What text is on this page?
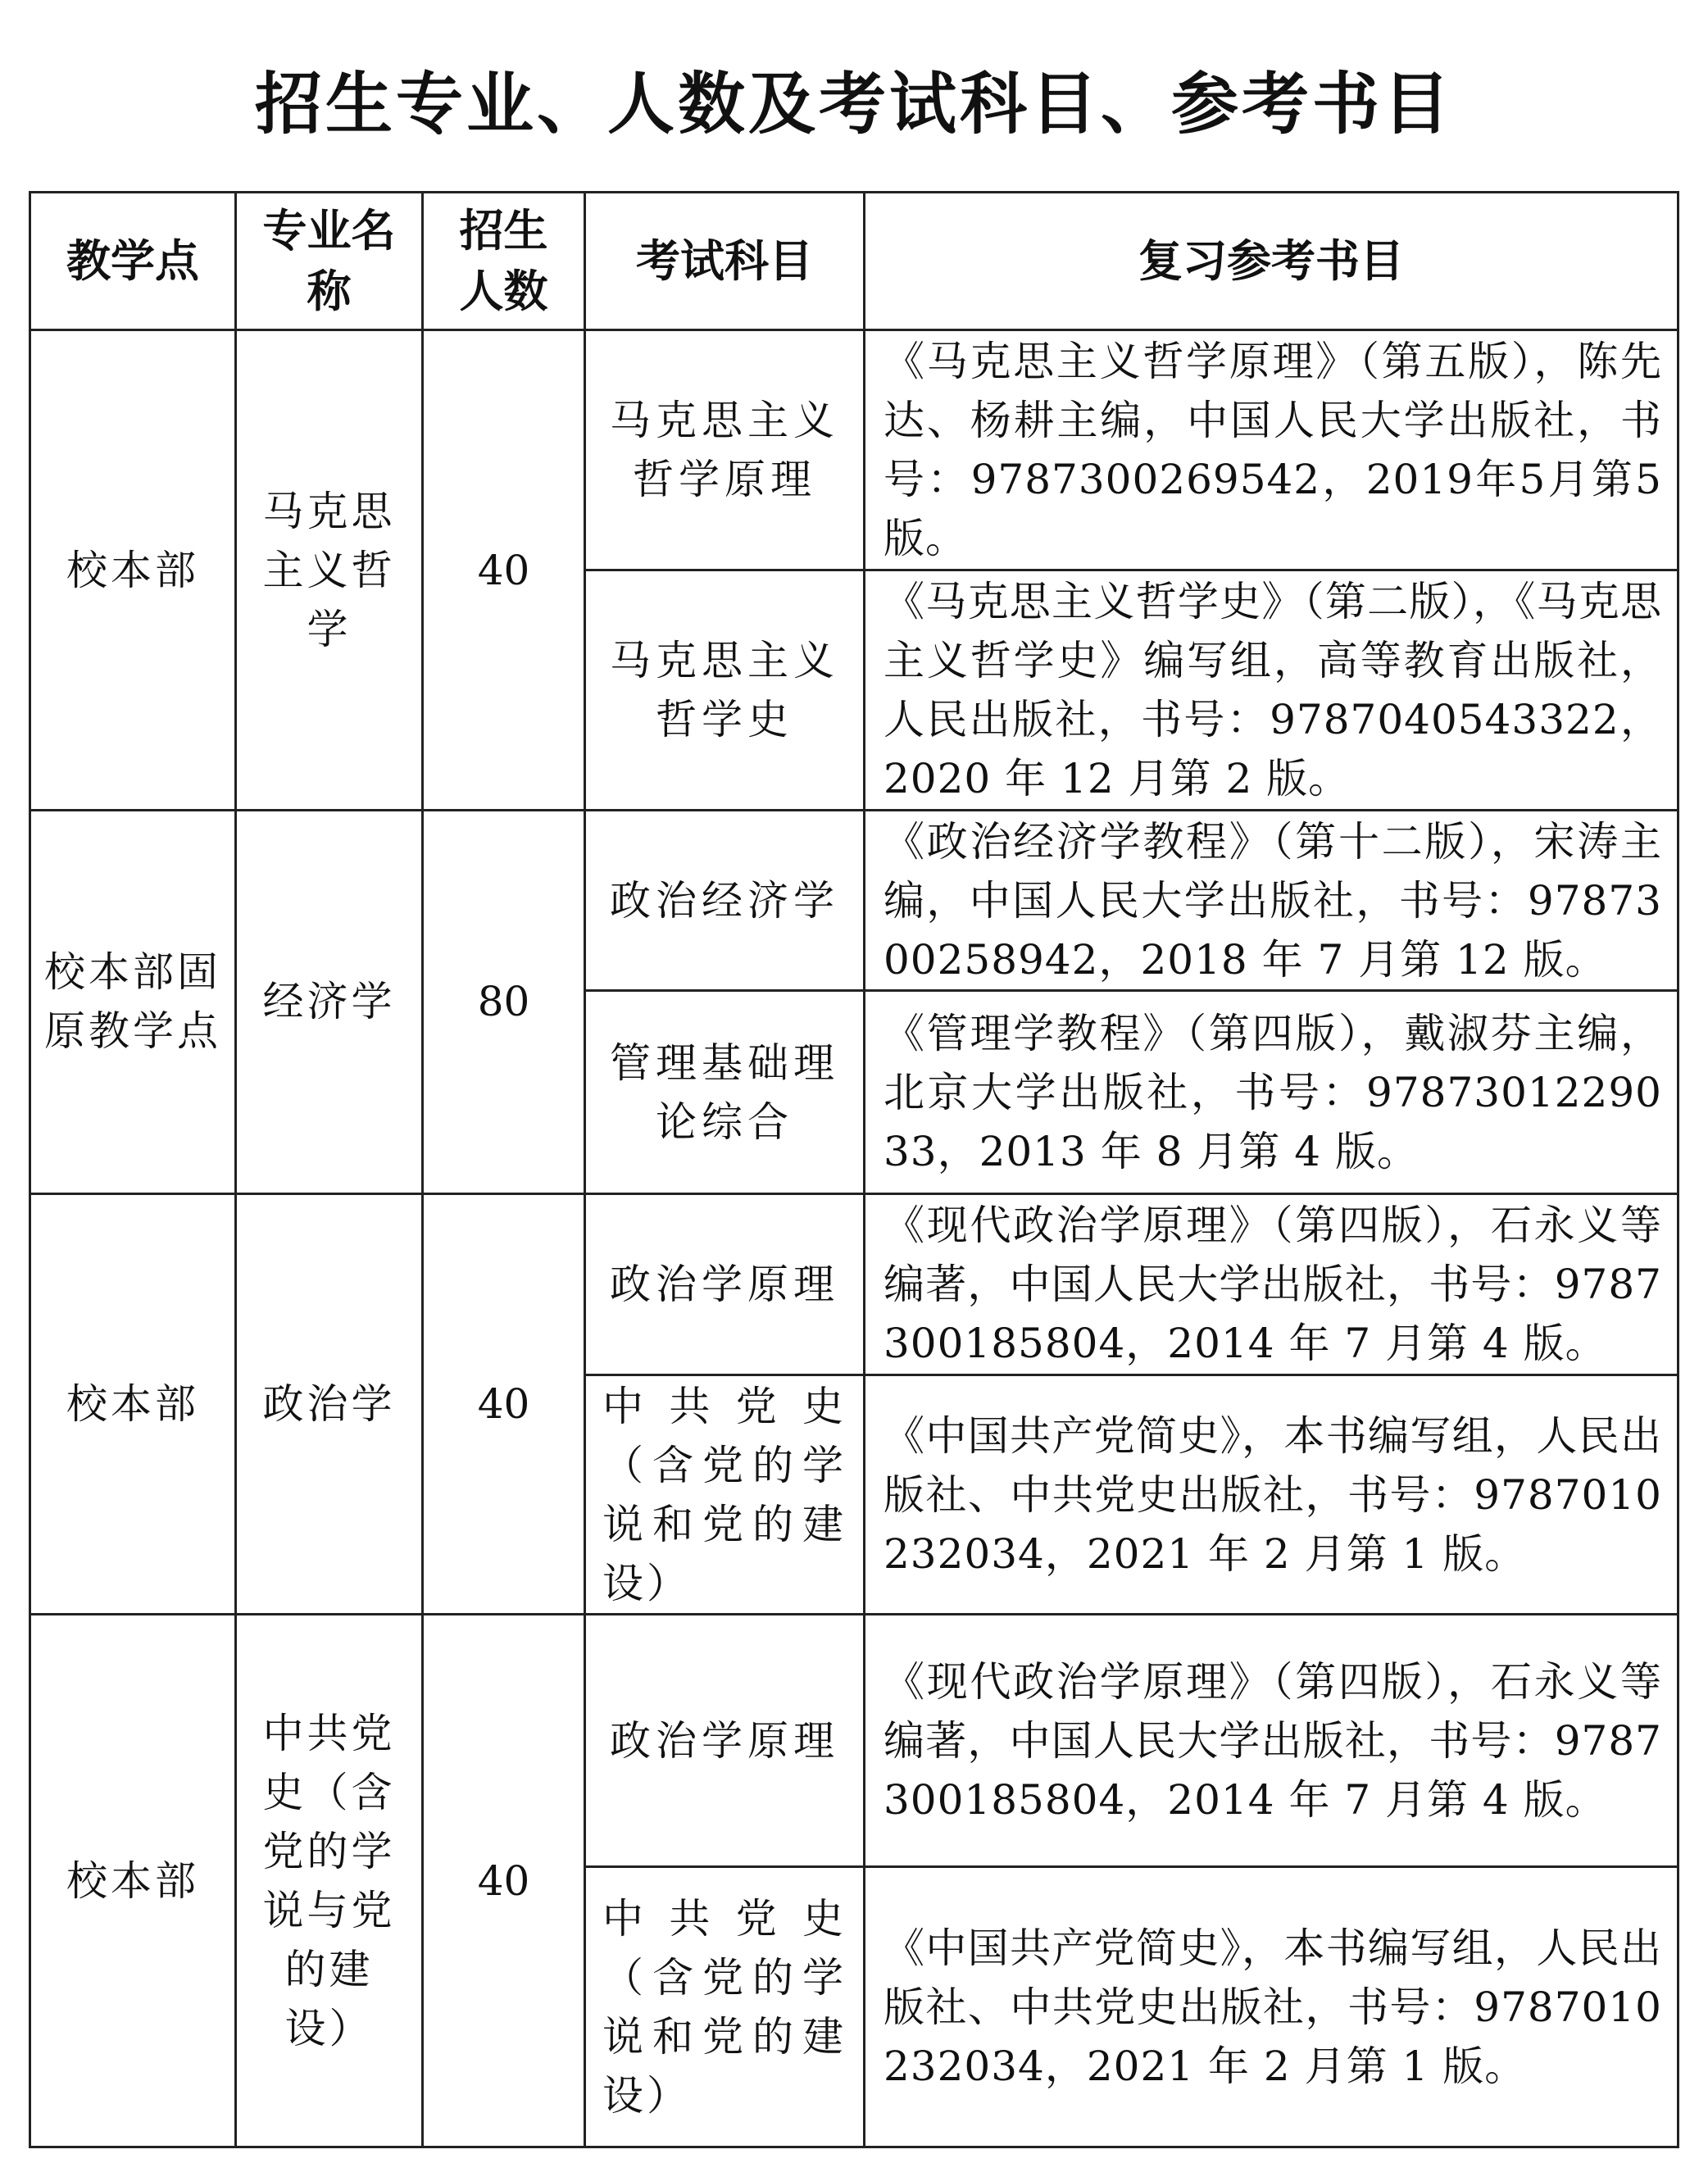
招生专业、人数及考试科目、参考书目
教学点	专业名称	招生人数	考试科目	复习参考书目
校本部	马克思主义哲学	40	马克思主义哲学原理	《马克思主义哲学原理》（第五版），陈先达、杨耕主编，中国人民大学出版社，书号：9787300269542，2019年5月第5版。
			马克思主义哲学史	《马克思主义哲学史》（第二版），《马克思主义哲学史》编写组，高等教育出版社，人民出版社，书号：9787040543322，2020 年 12 月第 2 版。
校本部固原教学点	经济学	80	政治经济学	《政治经济学教程》（第十二版），宋涛主编，中国人民大学出版社，书号：9787300258942，2018 年 7 月第 12 版。
			管理基础理论综合	《管理学教程》（第四版），戴淑芬主编，北京大学出版社，书号：9787301229033，2013 年 8 月第 4 版。
校本部	政治学	40	政治学原理	《现代政治学原理》（第四版），石永义等编著，中国人民大学出版社，书号：9787300185804，2014 年 7 月第 4 版。
			中共党史（含党的学说和党的建设）	《中国共产党简史》，本书编写组，人民出版社、中共党史出版社，书号：9787010232034，2021 年 2 月第 1 版。
校本部	中共党史（含党的学说与党的建设）	40	政治学原理	《现代政治学原理》（第四版），石永义等编著，中国人民大学出版社，书号：9787300185804，2014 年 7 月第 4 版。
			中共党史（含党的学说和党的建设）	《中国共产党简史》，本书编写组，人民出版社、中共党史出版社，书号：9787010232034，2021 年 2 月第 1 版。
